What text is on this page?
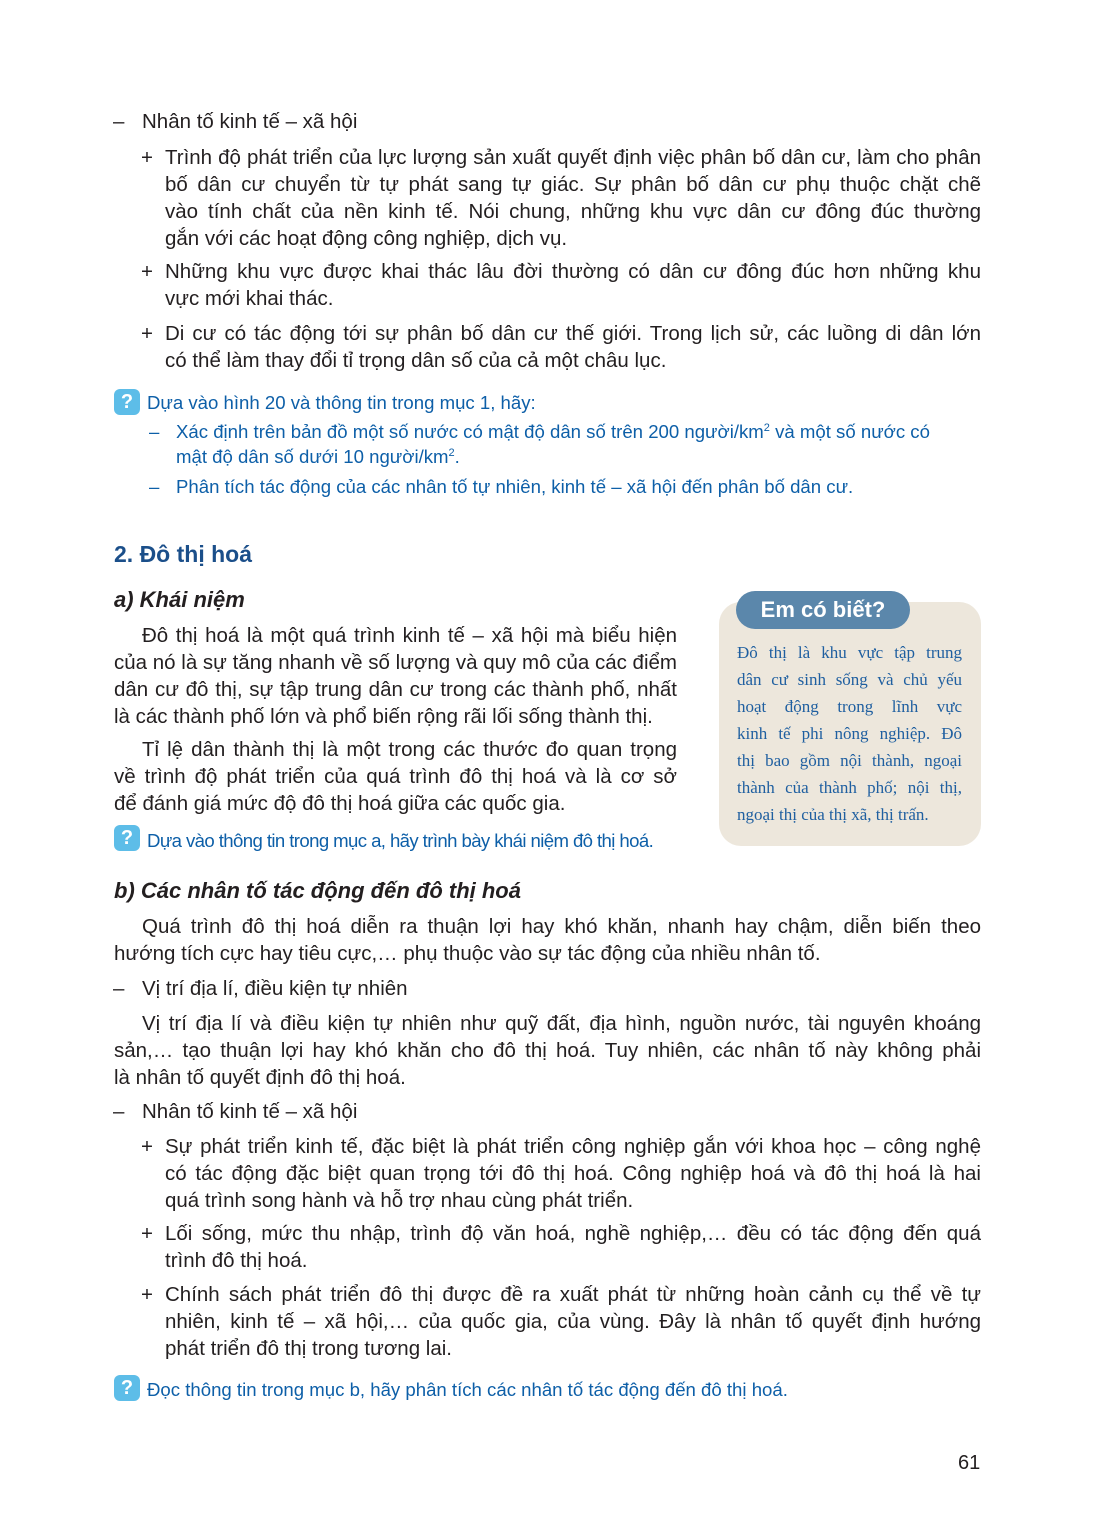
– Nhân tố kinh tế – xã hội
+ Trình độ phát triển của lực lượng sản xuất quyết định việc phân bố dân cư, làm cho phân
bố dân cư chuyển từ tự phát sang tự giác. Sự phân bố dân cư phụ thuộc chặt chẽ
vào tính chất của nền kinh tế. Nói chung, những khu vực dân cư đông đúc thường
gắn với các hoạt động công nghiệp, dịch vụ.
+ Những khu vực được khai thác lâu đời thường có dân cư đông đúc hơn những khu
vực mới khai thác.
+ Di cư có tác động tới sự phân bố dân cư thế giới. Trong lịch sử, các luồng di dân lớn
có thể làm thay đổi tỉ trọng dân số của cả một châu lục.
? Dựa vào hình 20 và thông tin trong mục 1, hãy:
– Xác định trên bản đồ một số nước có mật độ dân số trên 200 người/$km^2$ và một số nước có
mật độ dân số dưới 10 người/$km^2$.
– Phân tích tác động của các nhân tố tự nhiên, kinh tế – xã hội đến phân bố dân cư.
2. Đô thị hoá
a) Khái niệm
Đô thị hoá là một quá trình kinh tế – xã hội mà biểu hiện
của nó là sự tăng nhanh về số lượng và quy mô của các điểm
dân cư đô thị, sự tập trung dân cư trong các thành phố, nhất
là các thành phố lớn và phổ biến rộng rãi lối sống thành thị.
Tỉ lệ dân thành thị là một trong các thước đo quan trọng
về trình độ phát triển của quá trình đô thị hoá và là cơ sở
để đánh giá mức độ đô thị hoá giữa các quốc gia.
? Dựa vào thông tin trong mục a, hãy trình bày khái niệm đô thị hoá.
Em có biết?
Đô thị là khu vực tập trung
dân cư sinh sống và chủ yếu
hoạt động trong lĩnh vực
kinh tế phi nông nghiệp. Đô
thị bao gồm nội thành, ngoại
thành của thành phố; nội thị,
ngoại thị của thị xã, thị trấn.
b) Các nhân tố tác động đến đô thị hoá
Quá trình đô thị hoá diễn ra thuận lợi hay khó khăn, nhanh hay chậm, diễn biến theo
hướng tích cực hay tiêu cực,… phụ thuộc vào sự tác động của nhiều nhân tố.
– Vị trí địa lí, điều kiện tự nhiên
Vị trí địa lí và điều kiện tự nhiên như quỹ đất, địa hình, nguồn nước, tài nguyên khoáng
sản,… tạo thuận lợi hay khó khăn cho đô thị hoá. Tuy nhiên, các nhân tố này không phải
là nhân tố quyết định đô thị hoá.
– Nhân tố kinh tế – xã hội
+ Sự phát triển kinh tế, đặc biệt là phát triển công nghiệp gắn với khoa học – công nghệ
có tác động đặc biệt quan trọng tới đô thị hoá. Công nghiệp hoá và đô thị hoá là hai
quá trình song hành và hỗ trợ nhau cùng phát triển.
+ Lối sống, mức thu nhập, trình độ văn hoá, nghề nghiệp,… đều có tác động đến quá
trình đô thị hoá.
+ Chính sách phát triển đô thị được đề ra xuất phát từ những hoàn cảnh cụ thể về tự
nhiên, kinh tế – xã hội,… của quốc gia, của vùng. Đây là nhân tố quyết định hướng
phát triển đô thị trong tương lai.
? Đọc thông tin trong mục b, hãy phân tích các nhân tố tác động đến đô thị hoá.
61
